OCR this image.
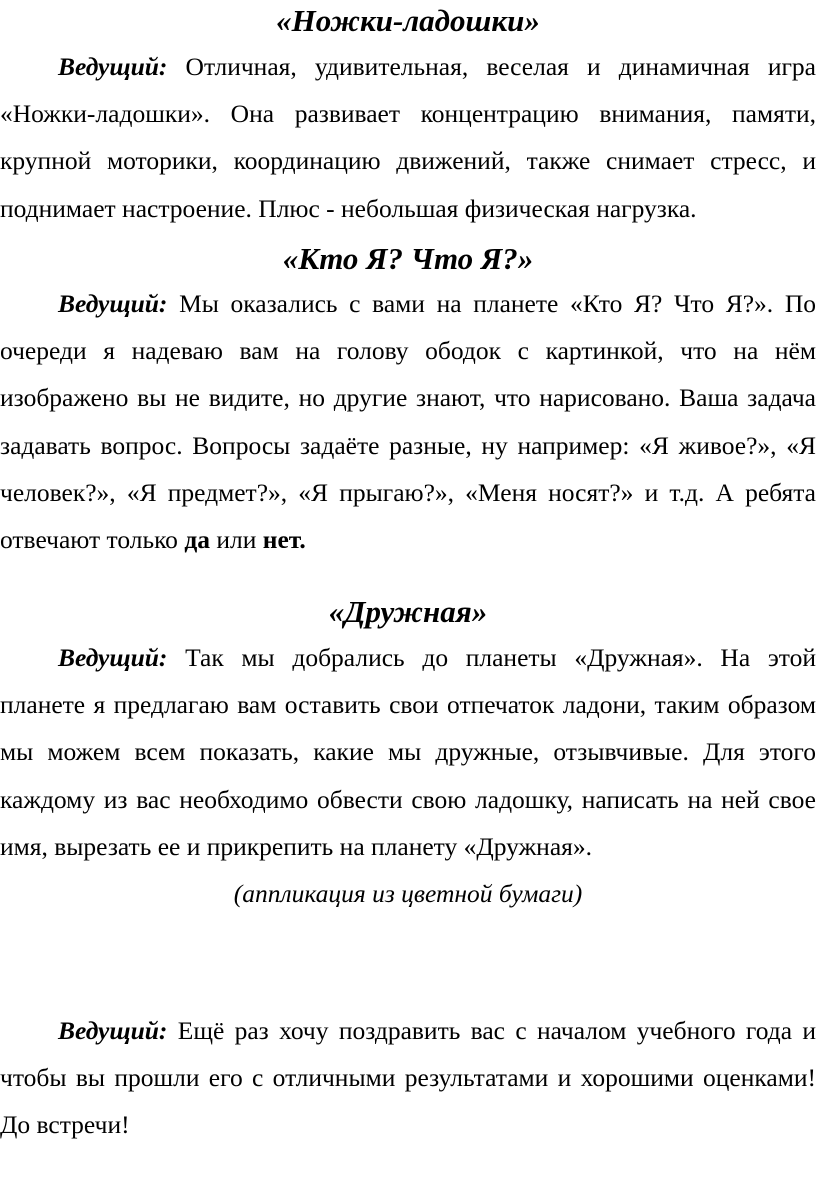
«Ножки-ладошки»

Ведущий: Отличная, удивительная, веселая и динамичная игра «Ножки-ладошки». Она развивает концентрацию внимания, памяти, крупной моторики, координацию движений, также снимает стресс, и поднимает настроение. Плюс - небольшая физическая нагрузка.

«Кто Я? Что Я?»

Ведущий: Мы оказались с вами на планете «Кто Я? Что Я?». По очереди я надеваю вам на голову ободок с картинкой, что на нём изображено вы не видите, но другие знают, что нарисовано. Ваша задача задавать вопрос. Вопросы задаёте разные, ну например: «Я живое?», «Я человек?», «Я предмет?», «Я прыгаю?», «Меня носят?» и т.д. А ребята отвечают только да или нет.

«Дружная»

Ведущий: Так мы добрались до планеты «Дружная». На этой планете я предлагаю вам оставить свои отпечаток ладони, таким образом мы можем всем показать, какие мы дружные, отзывчивые. Для этого каждому из вас необходимо обвести свою ладошку, написать на ней свое имя, вырезать ее и прикрепить на планету «Дружная».

(аппликация из цветной бумаги)

Ведущий: Ещё раз хочу поздравить вас с началом учебного года и чтобы вы прошли его с отличными результатами и хорошими оценками! До встречи!
